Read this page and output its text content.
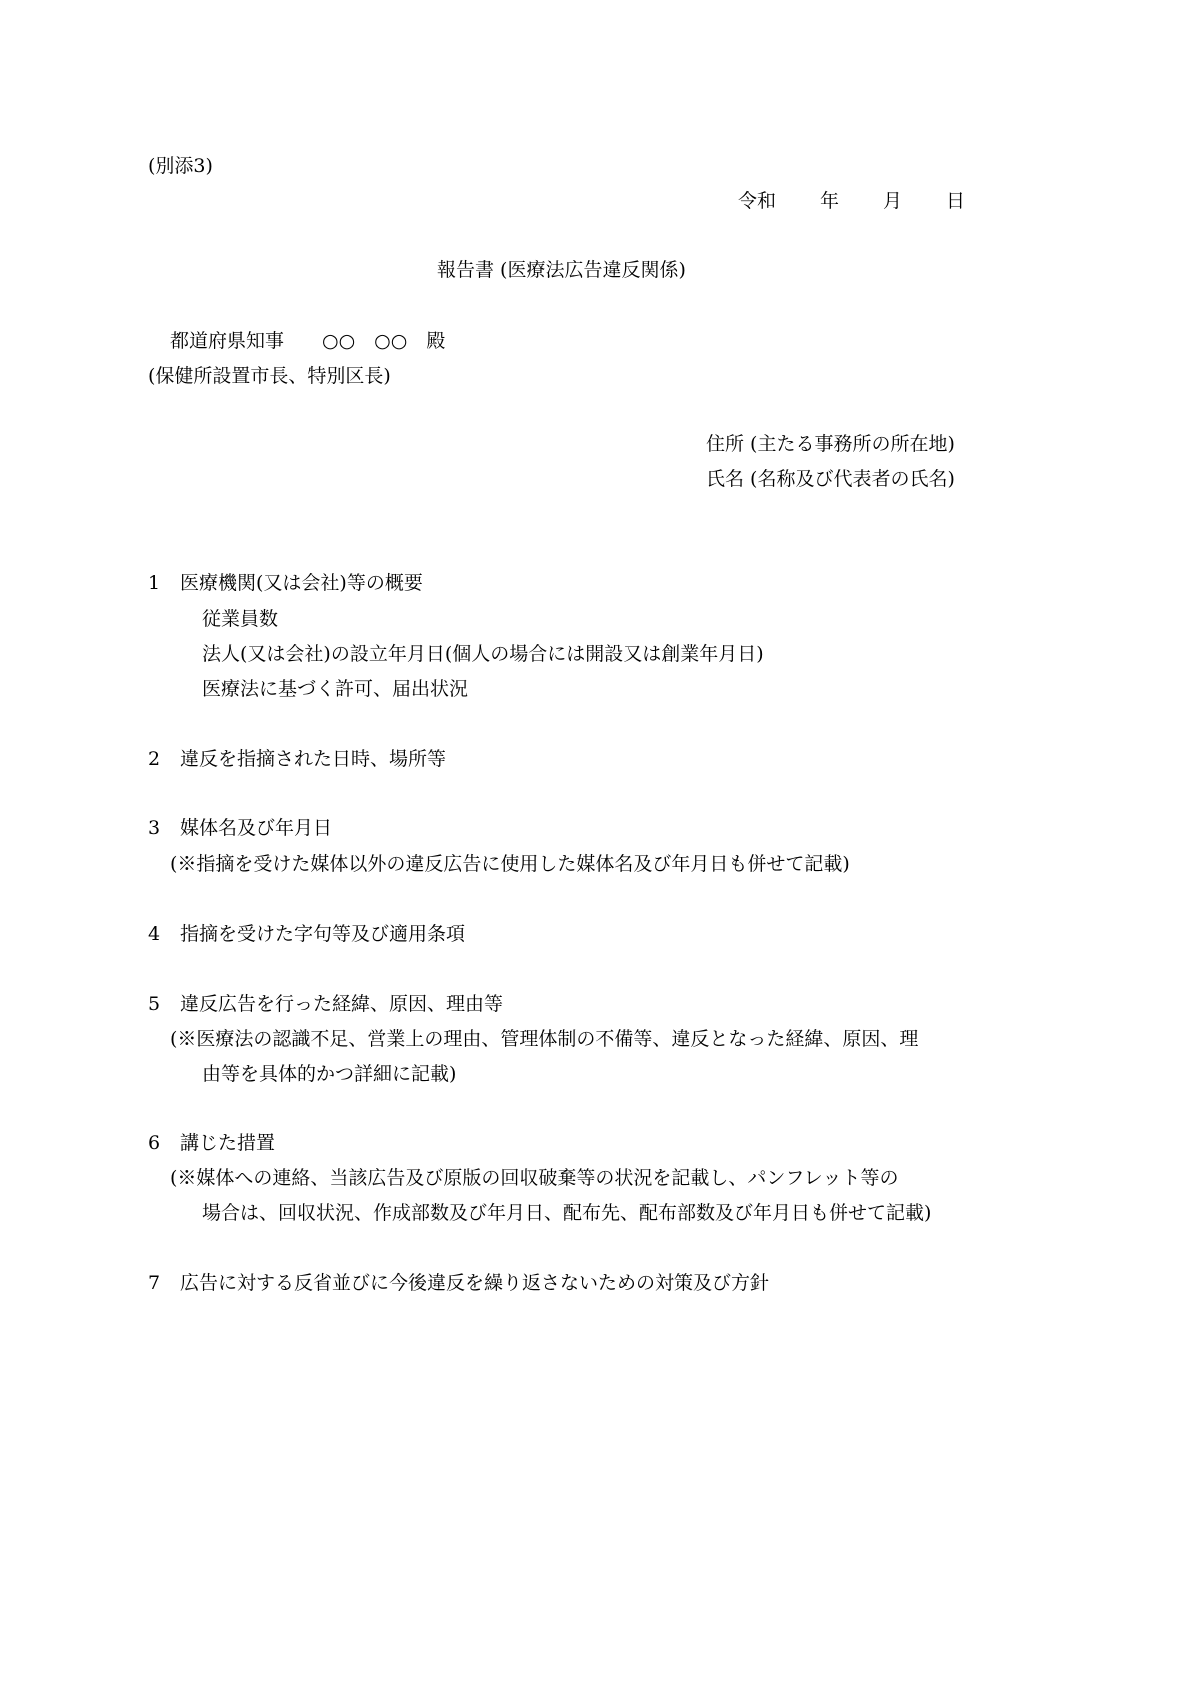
(別添3)
令和 年 月 日
報告書 (医療法広告違反関係)
都道府県知事　　○○　○○　殿
(保健所設置市長、特別区長)
住所 (主たる事務所の所在地)
氏名 (名称及び代表者の氏名)
1 医療機関(又は会社)等の概要
従業員数
法人(又は会社)の設立年月日(個人の場合には開設又は創業年月日)
医療法に基づく許可、届出状況
2 違反を指摘された日時、場所等
3 媒体名及び年月日
(※指摘を受けた媒体以外の違反広告に使用した媒体名及び年月日も併せて記載)
4 指摘を受けた字句等及び適用条項
5 違反広告を行った経緯、原因、理由等
(※医療法の認識不足、営業上の理由、管理体制の不備等、違反となった経緯、原因、理
由等を具体的かつ詳細に記載)
6 講じた措置
(※媒体への連絡、当該広告及び原版の回収破棄等の状況を記載し、パンフレット等の
場合は、回収状況、作成部数及び年月日、配布先、配布部数及び年月日も併せて記載)
7 広告に対する反省並びに今後違反を繰り返さないための対策及び方針
